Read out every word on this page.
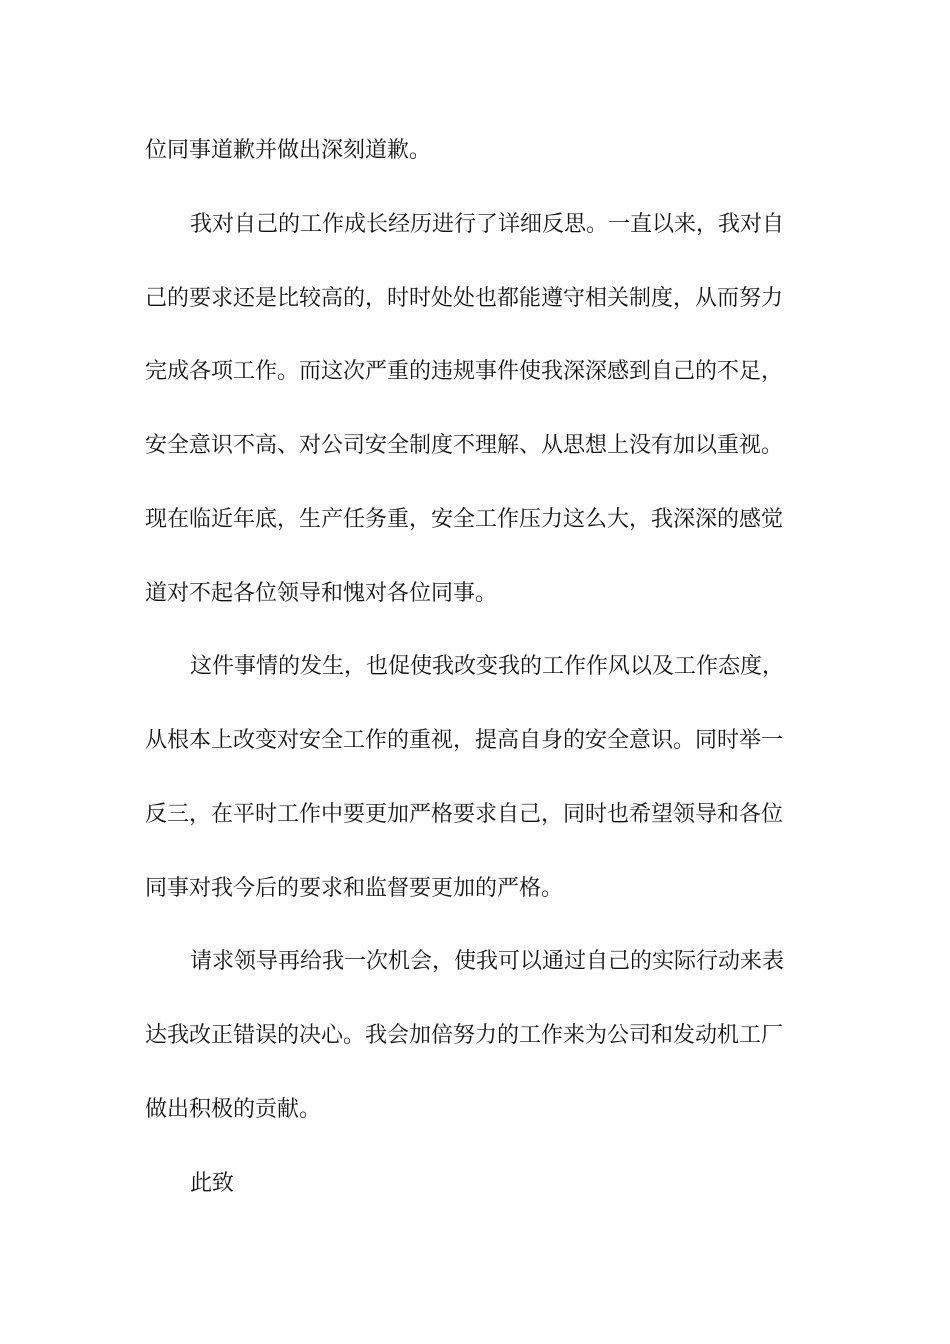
位同事道歉并做出深刻道歉。
我对自己的工作成长经历进行了详细反思。一直以来，我对自
己的要求还是比较高的，时时处处也都能遵守相关制度，从而努力
完成各项工作。而这次严重的违规事件使我深深感到自己的不足，
安全意识不高、对公司安全制度不理解、从思想上没有加以重视。
现在临近年底，生产任务重，安全工作压力这么大，我深深的感觉
道对不起各位领导和愧对各位同事。
这件事情的发生，也促使我改变我的工作作风以及工作态度，
从根本上改变对安全工作的重视，提高自身的安全意识。同时举一
反三，在平时工作中要更加严格要求自己，同时也希望领导和各位
同事对我今后的要求和监督要更加的严格。
请求领导再给我一次机会，使我可以通过自己的实际行动来表
达我改正错误的决心。我会加倍努力的工作来为公司和发动机工厂
做出积极的贡献。
此致
